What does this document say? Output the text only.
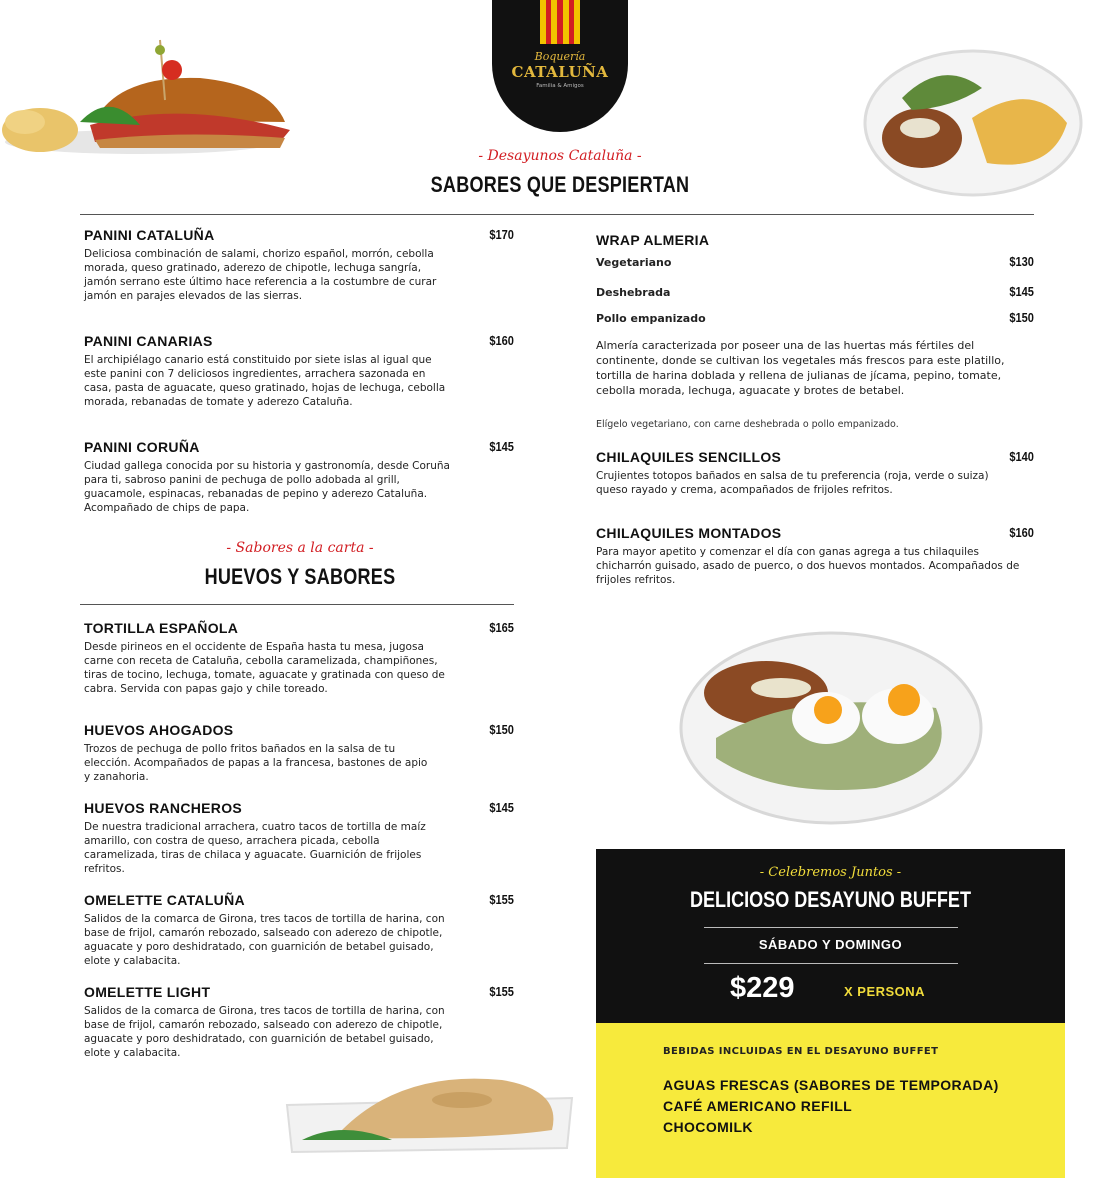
Boquería
CATALUÑA
Familia & Amigos
- Desayunos Cataluña -
SABORES QUE DESPIERTAN
PANINI CATALUÑA	$170
Deliciosa combinación de salami, chorizo español, morrón, cebolla morada, queso gratinado, aderezo de chipotle, lechuga sangría, jamón serrano este último hace referencia a la costumbre de curar jamón en parajes elevados de las sierras.
PANINI CANARIAS	$160
El archipiélago canario está constituido por siete islas al igual que este panini con 7 deliciosos ingredientes, arrachera sazonada en casa, pasta de aguacate, queso gratinado, hojas de lechuga, cebolla morada, rebanadas de tomate y aderezo Cataluña.
PANINI CORUÑA	$145
Ciudad gallega conocida por su historia y gastronomía, desde Coruña para ti, sabroso panini de pechuga de pollo adobada al grill, guacamole, espinacas, rebanadas de pepino y aderezo Cataluña. Acompañado de chips de papa.
- Sabores a la carta -
HUEVOS Y SABORES
TORTILLA ESPAÑOLA	$165
Desde pirineos en el occidente de España hasta tu mesa, jugosa carne con receta de Cataluña, cebolla caramelizada, champiñones, tiras de tocino, lechuga, tomate, aguacate y gratinada con queso de cabra. Servida con papas gajo y chile toreado.
HUEVOS AHOGADOS	$150
Trozos de pechuga de pollo fritos bañados en la salsa de tu elección. Acompañados de papas a la francesa, bastones de apio y zanahoria.
HUEVOS RANCHEROS	$145
De nuestra tradicional arrachera, cuatro tacos de tortilla de maíz amarillo, con costra de queso, arrachera picada, cebolla caramelizada, tiras de chilaca y aguacate. Guarnición de frijoles refritos.
OMELETTE CATALUÑA	$155
Salidos de la comarca de Girona, tres tacos de tortilla de harina, con base de frijol, camarón rebozado, salseado con aderezo de chipotle, aguacate y poro deshidratado, con guarnición de betabel guisado, elote y calabacita.
OMELETTE LIGHT	$155
Salidos de la comarca de Girona, tres tacos de tortilla de harina, con base de frijol, camarón rebozado, salseado con aderezo de chipotle, aguacate y poro deshidratado, con guarnición de betabel guisado, elote y calabacita.
WRAP ALMERIA
Vegetariano	$130
Deshebrada	$145
Pollo empanizado	$150
Almería caracterizada por poseer una de las huertas más fértiles del continente, donde se cultivan los vegetales más frescos para este platillo, tortilla de harina doblada y rellena de julianas de jícama, pepino, tomate, cebolla morada, lechuga, aguacate y brotes de betabel.
Elígelo vegetariano, con carne deshebrada o pollo empanizado.
CHILAQUILES SENCILLOS	$140
Crujientes totopos bañados en salsa de tu preferencia (roja, verde o suiza) queso rayado y crema, acompañados de frijoles refritos.
CHILAQUILES MONTADOS	$160
Para mayor apetito y comenzar el día con ganas agrega a tus chilaquiles chicharrón guisado, asado de puerco, o dos huevos montados. Acompañados de frijoles refritos.
- Celebremos Juntos -
DELICIOSO DESAYUNO BUFFET
SÁBADO Y DOMINGO
$229	X PERSONA
BEBIDAS INCLUIDAS EN EL DESAYUNO BUFFET
AGUAS FRESCAS (SABORES DE TEMPORADA)
CAFÉ AMERICANO REFILL
CHOCOMILK
